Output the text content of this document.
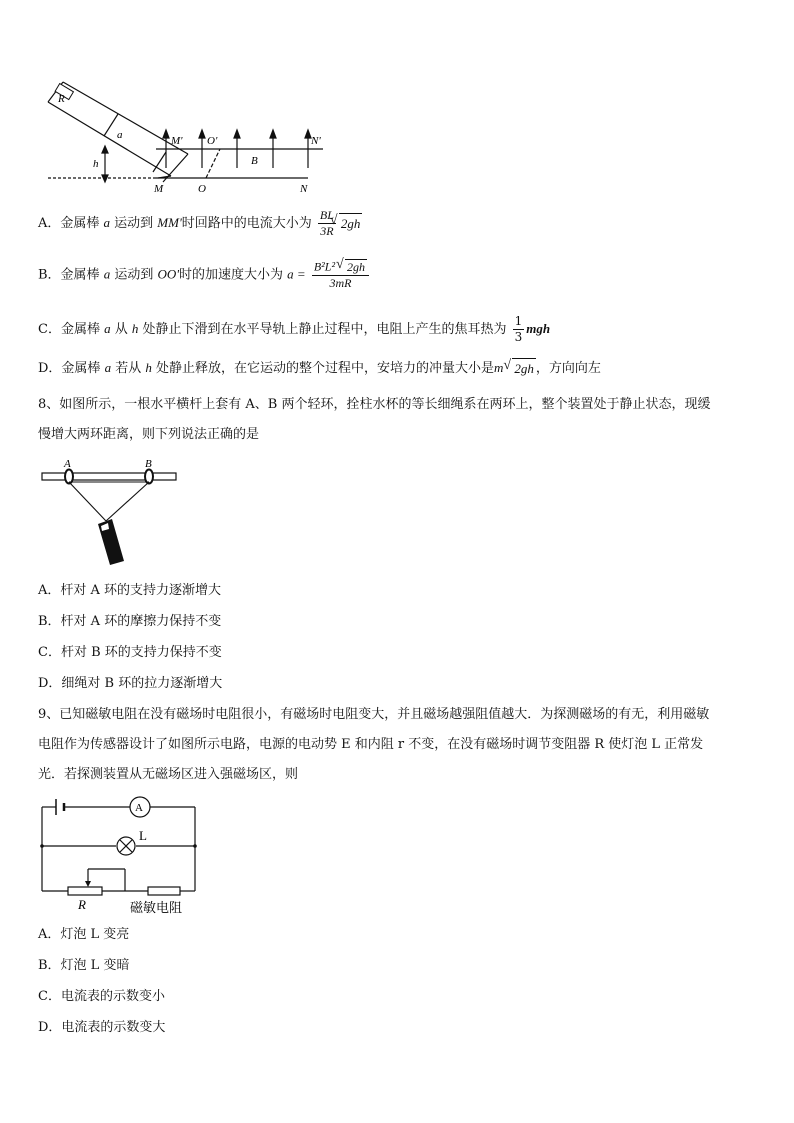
R
a
h
M' O'
B
N'
M	O	N
A．金属棒 a 运动到 MM'时回路中的电流大小为 $\frac{BL}{3R}$ √ 2gh
B．金属棒 a 运动到 OO'时的加速度大小为 $a = \frac{\text{B²L² √ 2gh}}{3mR}$
C．金属棒 a 从 h 处静止下滑到在水平导轨上静止过程中，电阻上产生的焦耳热为 $\frac{1}{3}$ mgh
D．金属棒 a 若从 h 处静止释放，在它运动的整个过程中，安培力的冲量大小是m √ 2gh ，方向向左
8、如图所示，一根水平横杆上套有 A、B 两个轻环，拴柱水杯的等长细绳系在两环上，整个装置处于静止状态，现缓
慢增大两环距离，则下列说法正确的是
A	B
A．杆对 A 环的支持力逐渐增大
B．杆对 A 环的摩擦力保持不变
C．杆对 B 环的支持力保持不变
D．细绳对 B 环的拉力逐渐增大
9、已知磁敏电阻在没有磁场时电阻很小，有磁场时电阻变大，并且磁场越强阻值越大．为探测磁场的有无，利用磁敏
电阻作为传感器设计了如图所示电路，电源的电动势 E 和内阻 r 不变，在没有磁场时调节变阻器 R 使灯泡 L 正常发
光．若探测装置从无磁场区进入强磁场区，则
A
L
R	磁敏电阻
A．灯泡 L 变亮
B．灯泡 L 变暗
C．电流表的示数变小
D．电流表的示数变大
